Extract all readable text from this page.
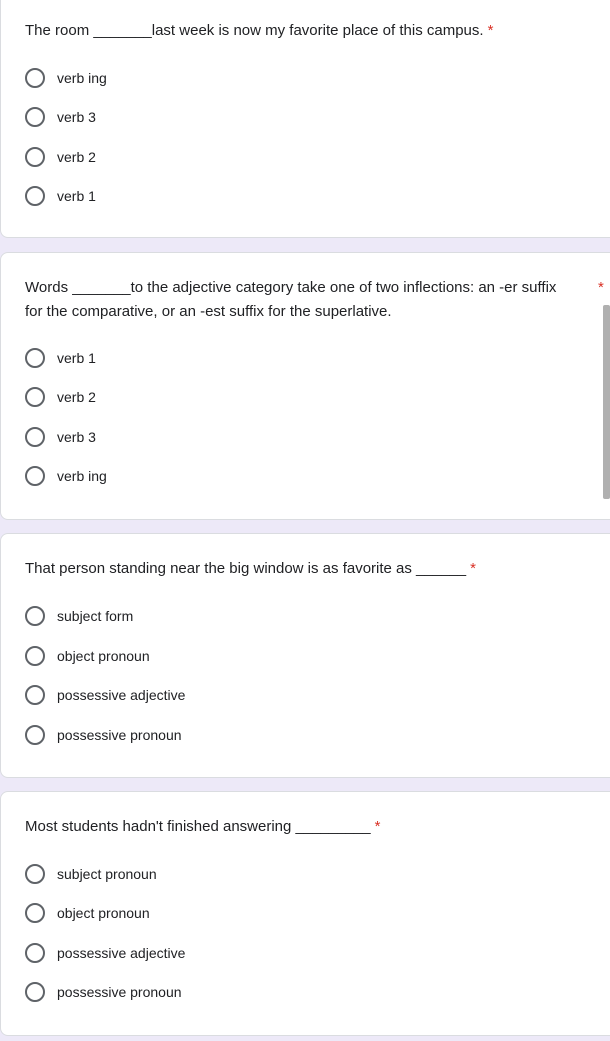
The room _______last week is now my favorite place of this campus. *
verb ing
verb 3
verb 2
verb 1
Words _______to the adjective category take one of two inflections: an -er suffix
for the comparative, or an -est suffix for the superlative.
*
verb 1
verb 2
verb 3
verb ing
That person standing near the big window is as favorite as ______ *
subject form
object pronoun
possessive adjective
possessive pronoun
Most students hadn't finished answering _________ *
subject pronoun
object pronoun
possessive adjective
possessive pronoun
